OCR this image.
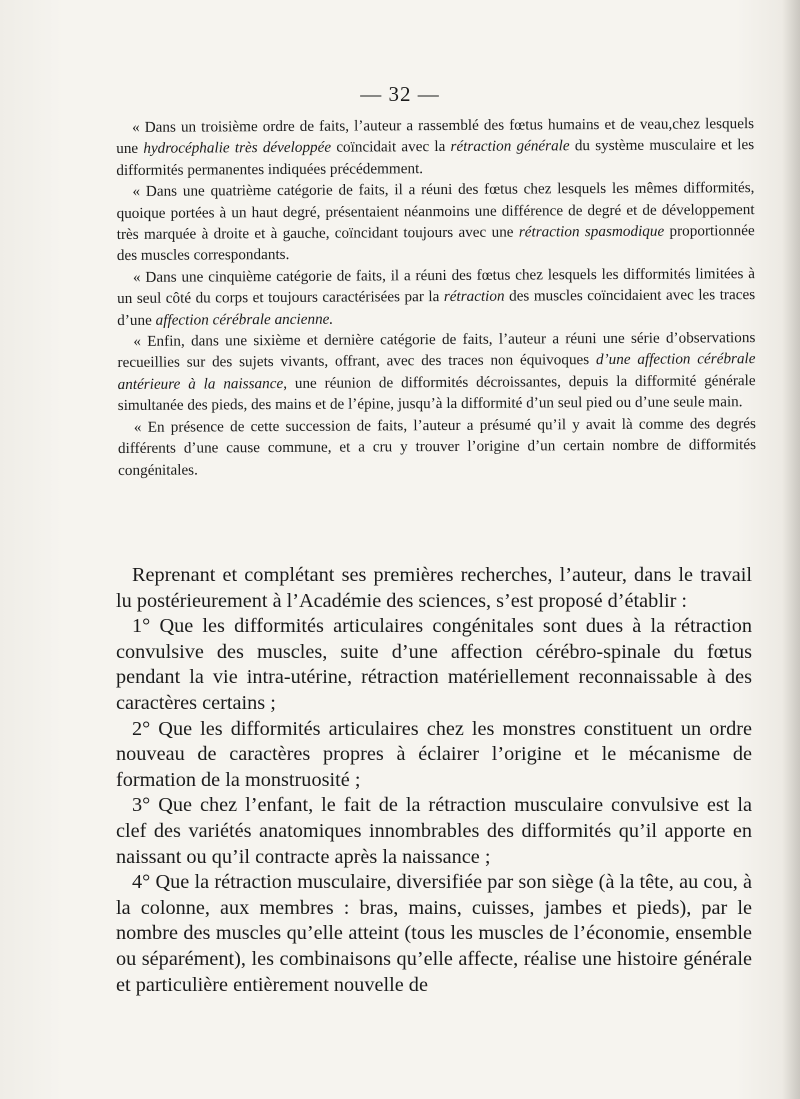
— 32 —

« Dans un troisième ordre de faits, l’auteur a rassemblé des fœtus humains et de veau,chez lesquels une hydrocéphalie très développée coïncidait avec la rétraction générale du système musculaire et les difformités permanentes indiquées précédemment.

« Dans une quatrième catégorie de faits, il a réuni des fœtus chez lesquels les mêmes difformités, quoique portées à un haut degré, présentaient néanmoins une différence de degré et de développement très marquée à droite et à gauche, coïncidant toujours avec une rétraction spasmodique proportionnée des muscles correspondants.

« Dans une cinquième catégorie de faits, il a réuni des fœtus chez lesquels les difformités limitées à un seul côté du corps et toujours caractérisées par la rétraction des muscles coïncidaient avec les traces d’une affection cérébrale ancienne.

« Enfin, dans une sixième et dernière catégorie de faits, l’auteur a réuni une série d’observations recueillies sur des sujets vivants, offrant, avec des traces non équivoques d’une affection cérébrale antérieure à la naissance, une réunion de difformités décroissantes, depuis la difformité générale simultanée des pieds, des mains et de l’épine, jusqu’à la difformité d’un seul pied ou d’une seule main.

« En présence de cette succession de faits, l’auteur a présumé qu’il y avait là comme des degrés différents d’une cause commune, et a cru y trouver l’origine d’un certain nombre de difformités congénitales.

Reprenant et complétant ses premières recherches, l’auteur, dans le travail lu postérieurement à l’Académie des sciences, s’est proposé d’établir :

1° Que les difformités articulaires congénitales sont dues à la rétraction convulsive des muscles, suite d’une affection cérébro-spinale du fœtus pendant la vie intra-utérine, rétraction matériellement reconnaissable à des caractères certains ;

2° Que les difformités articulaires chez les monstres constituent un ordre nouveau de caractères propres à éclairer l’origine et le mécanisme de formation de la monstruosité ;

3° Que chez l’enfant, le fait de la rétraction musculaire convulsive est la clef des variétés anatomiques innombrables des difformités qu’il apporte en naissant ou qu’il contracte après la naissance ;

4° Que la rétraction musculaire, diversifiée par son siège (à la tête, au cou, à la colonne, aux membres : bras, mains, cuisses, jambes et pieds), par le nombre des muscles qu’elle atteint (tous les muscles de l’économie, ensemble ou séparément), les combinaisons qu’elle affecte, réalise une histoire générale et particulière entièrement nouvelle de
